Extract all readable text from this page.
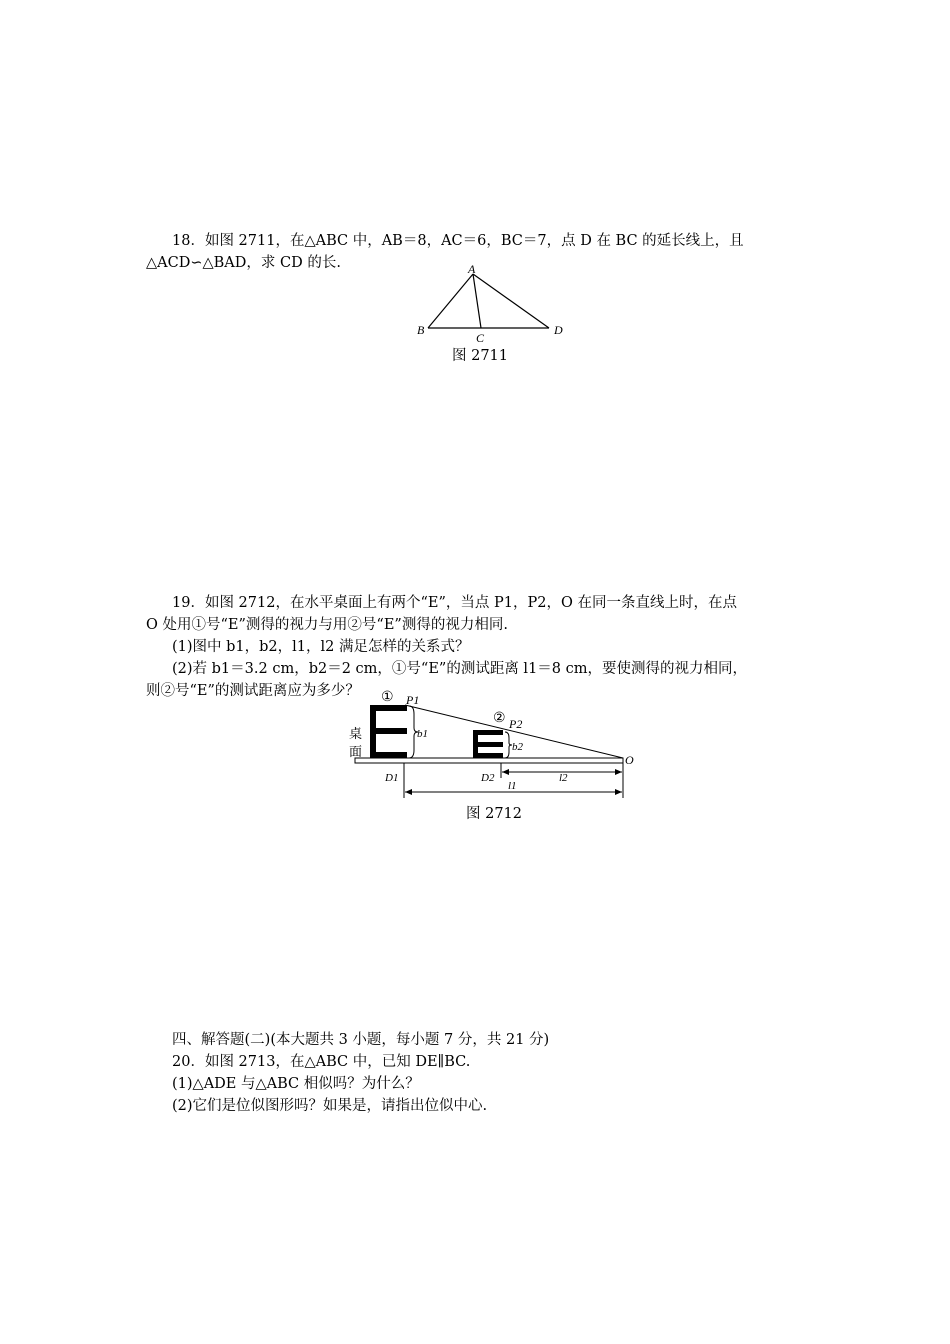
18．如图 2711，在△ABC 中，AB＝8，AC＝6，BC＝7，点 D 在 BC 的延长线上，且
△ACD∽△BAD，求 CD 的长.	A
B
C
D
图 2711
19．如图 2712，在水平桌面上有两个“E”，当点 P1，P2，O 在同一条直线上时，在点
O 处用①号“E”测得的视力与用②号“E”测得的视力相同.
(1)图中 b1，b2，l1，l2 满足怎样的关系式？
(2)若 b1＝3.2 cm，b2＝2 cm，①号“E”的测试距离 l1＝8 cm，要使测得的视力相同，
则②号“E”的测试距离应为多少？ ①
②
P1
P2
O
b1
b2
D1	D2	l2
l1
桌
面
图 2712
四、解答题(二)(本大题共 3 小题，每小题 7 分，共 21 分)
20．如图 2713，在△ABC 中，已知 DE∥BC.
(1)△ADE 与△ABC 相似吗？为什么？
(2)它们是位似图形吗？如果是，请指出位似中心.
